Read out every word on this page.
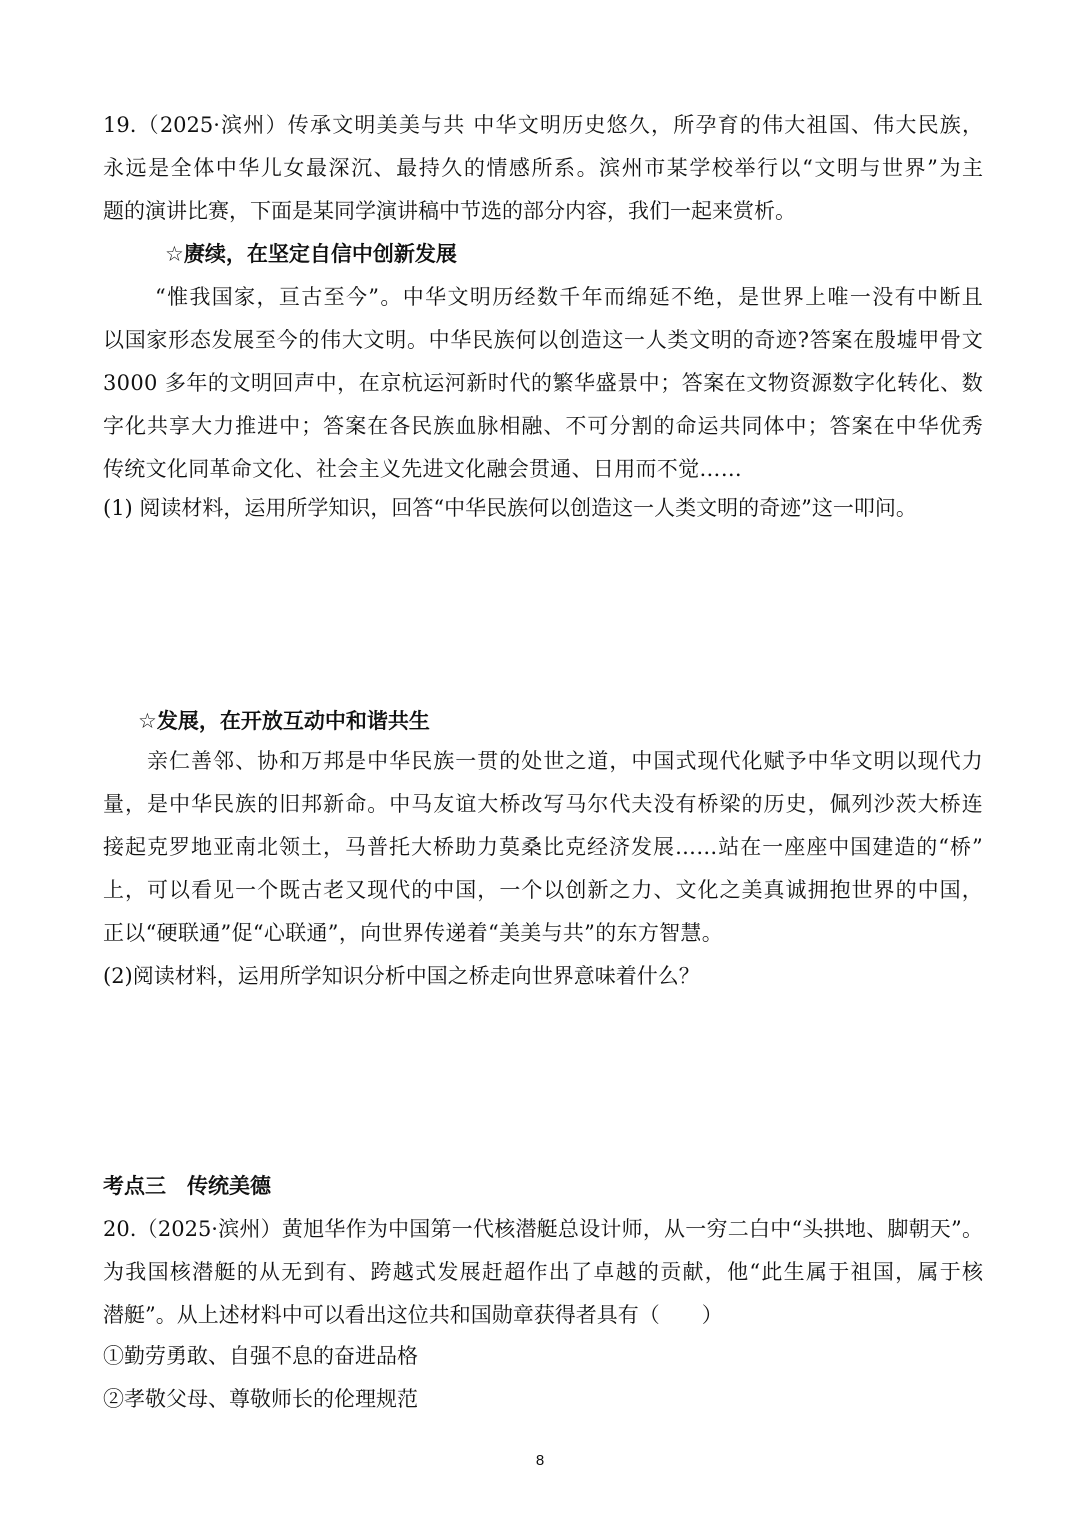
19.（2025·滨州）传承文明美美与共 中华文明历史悠久，所孕育的伟大祖国、伟大民族，
永远是全体中华儿女最深沉、最持久的情感所系。滨州市某学校举行以“文明与世界”为主
题的演讲比赛，下面是某同学演讲稿中节选的部分内容，我们一起来赏析。
☆赓续，在坚定自信中创新发展
“惟我国家，亘古至今”。中华文明历经数千年而绵延不绝，是世界上唯一没有中断且
以国家形态发展至今的伟大文明。中华民族何以创造这一人类文明的奇迹?答案在殷墟甲骨文
3000 多年的文明回声中，在京杭运河新时代的繁华盛景中；答案在文物资源数字化转化、数
字化共享大力推进中；答案在各民族血脉相融、不可分割的命运共同体中；答案在中华优秀
传统文化同革命文化、社会主义先进文化融会贯通、日用而不觉……
(1) 阅读材料，运用所学知识，回答“中华民族何以创造这一人类文明的奇迹”这一叩问。
☆发展，在开放互动中和谐共生
亲仁善邻、协和万邦是中华民族一贯的处世之道，中国式现代化赋予中华文明以现代力
量，是中华民族的旧邦新命。中马友谊大桥改写马尔代夫没有桥梁的历史，佩列沙茨大桥连
接起克罗地亚南北领土，马普托大桥助力莫桑比克经济发展……站在一座座中国建造的“桥”
上，可以看见一个既古老又现代的中国，一个以创新之力、文化之美真诚拥抱世界的中国，
正以“硬联通”促“心联通”，向世界传递着“美美与共”的东方智慧。
(2)阅读材料，运用所学知识分析中国之桥走向世界意味着什么？
考点三　传统美德
20.（2025·滨州）黄旭华作为中国第一代核潜艇总设计师，从一穷二白中“头拱地、脚朝天”。
为我国核潜艇的从无到有、跨越式发展赶超作出了卓越的贡献，他“此生属于祖国，属于核
潜艇”。从上述材料中可以看出这位共和国勋章获得者具有（　　）
①勤劳勇敢、自强不息的奋进品格
②孝敬父母、尊敬师长的伦理规范
8
